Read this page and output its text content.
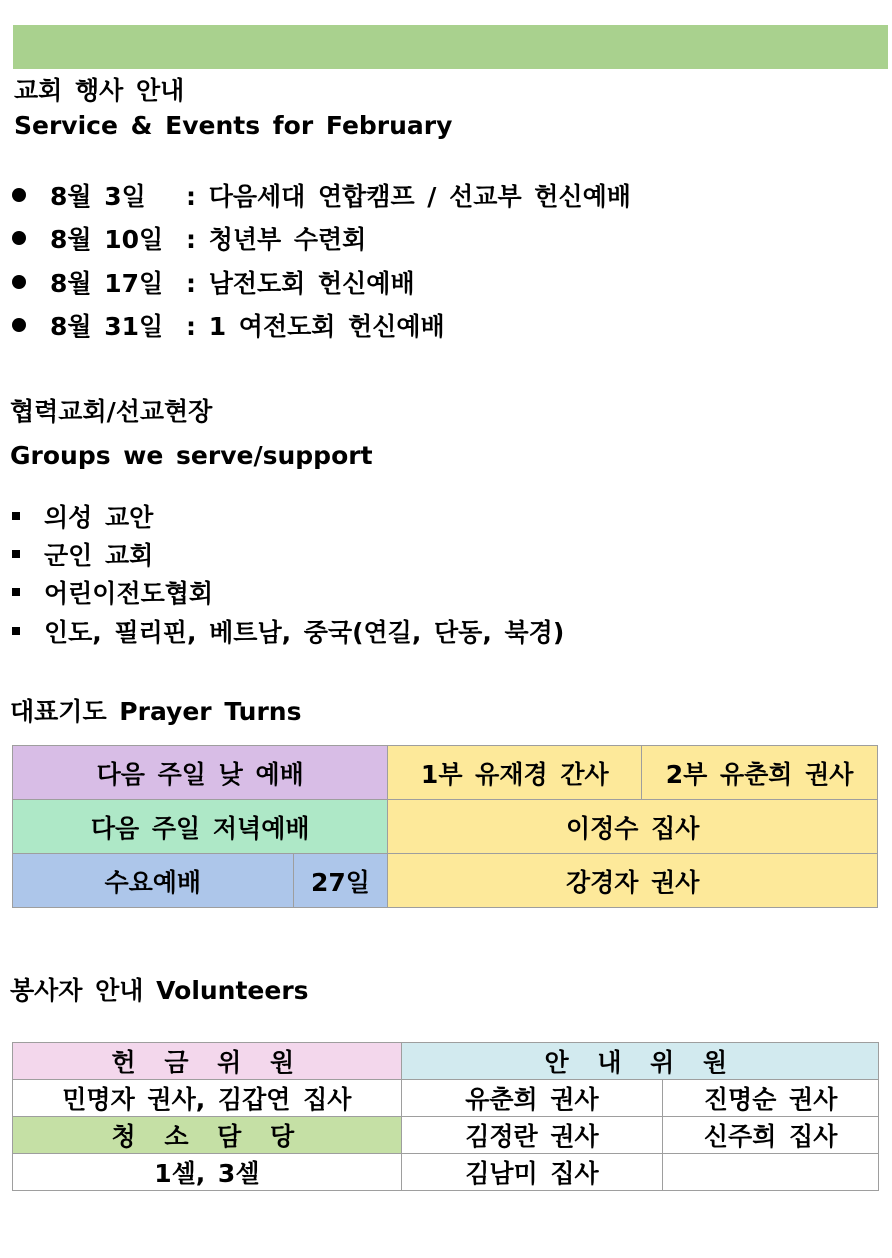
교회 행사 안내
Service & Events for February
8월 3일	: 다음세대 연합캠프 / 선교부 헌신예배
8월 10일 : 청년부 수련회
8월 17일 : 남전도회 헌신예배
8월 31일 : 1 여전도회 헌신예배
협력교회/선교현장
Groups we serve/support
의성 교안
군인 교회
어린이전도협회
인도, 필리핀, 베트남, 중국(연길, 단동, 북경)
대표기도 Prayer Turns
다음 주일 낮 예배		1부 유재경 간사	2부 유춘희 권사
다음 주일 저녁예배		이정수 집사	
수요예배	27일	강경자 권사	
봉사자 안내 Volunteers
헌 금 위 원	안 내 위 원	
민명자 권사, 김갑연 집사	유춘희 권사	진명순 권사
청 소 담 당	김정란 권사	신주희 집사
1셀, 3셀	김남미 집사	
